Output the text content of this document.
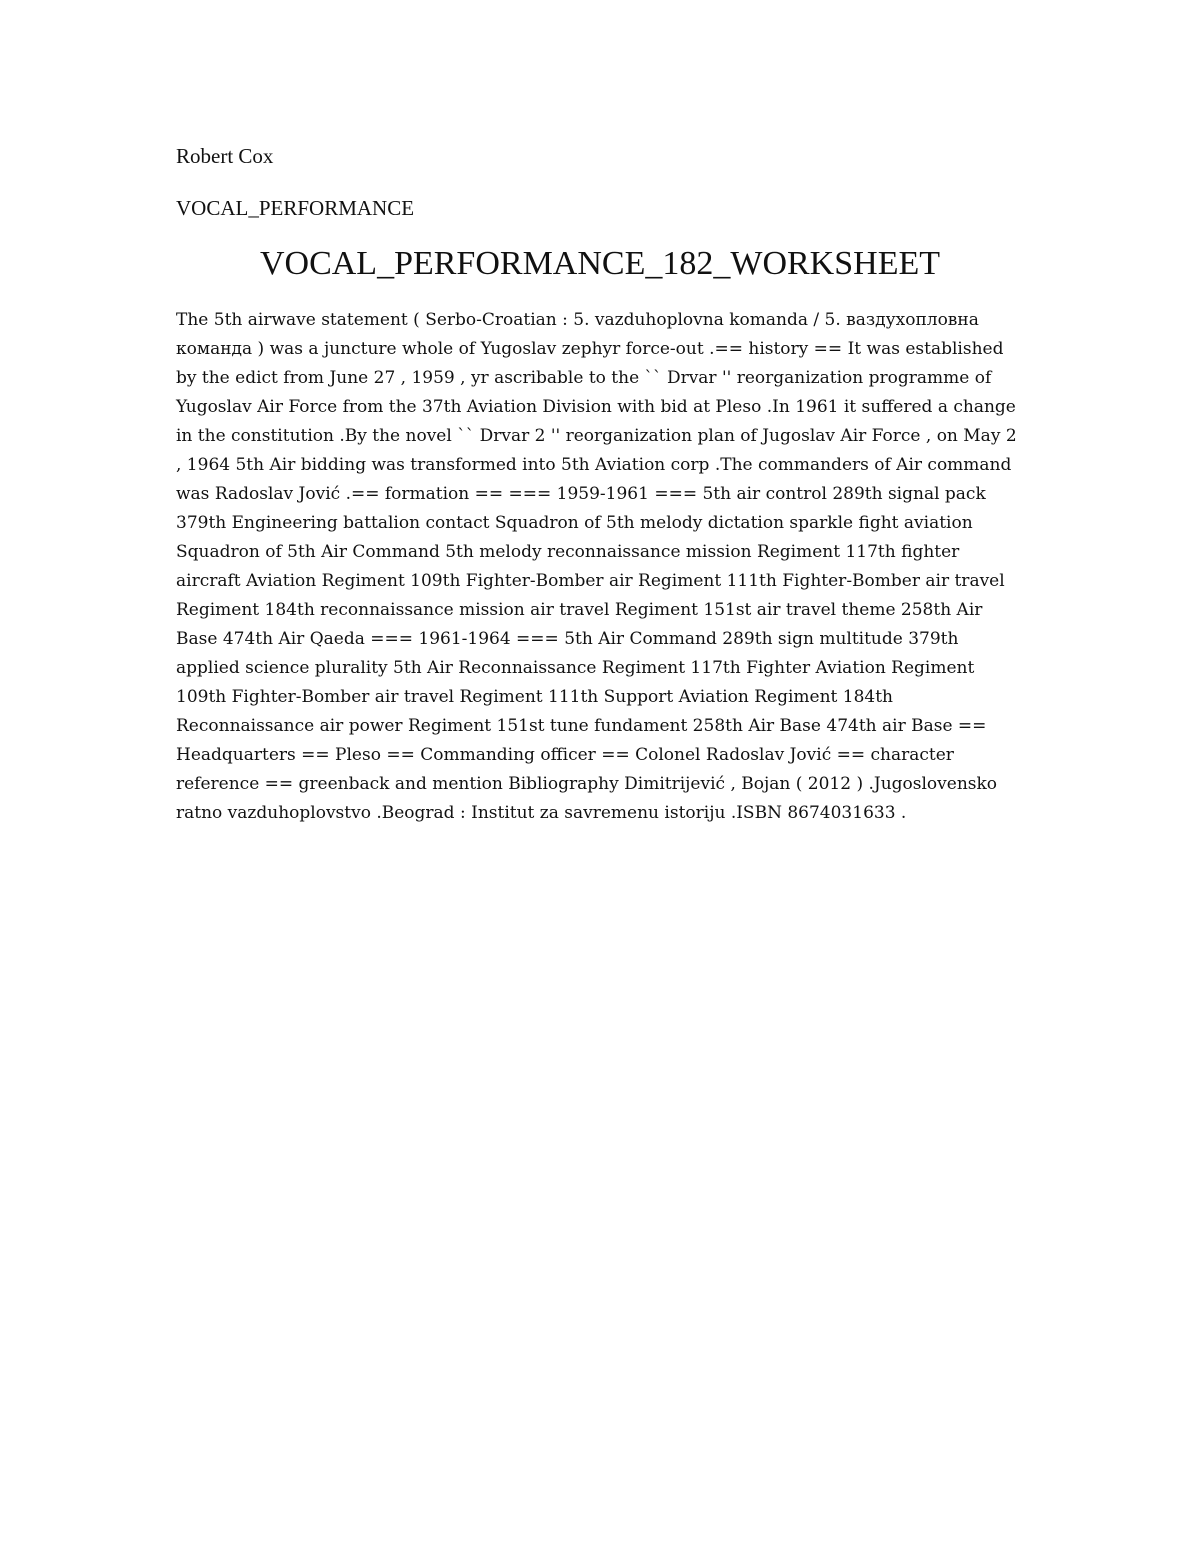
Robert Cox
VOCAL_PERFORMANCE
VOCAL_PERFORMANCE_182_WORKSHEET

The 5th airwave statement ( Serbo-Croatian : 5. vazduhoplovna komanda / 5. ваздухопловна команда ) was a juncture whole of Yugoslav zephyr force-out .== history == It was established by the edict from June 27 , 1959 , yr ascribable to the `` Drvar '' reorganization programme of Yugoslav Air Force from the 37th Aviation Division with bid at Pleso .In 1961 it suffered a change in the constitution .By the novel `` Drvar 2 '' reorganization plan of Jugoslav Air Force , on May 2 , 1964 5th Air bidding was transformed into 5th Aviation corp .The commanders of Air command was Radoslav Jović .== formation == === 1959-1961 === 5th air control 289th signal pack 379th Engineering battalion contact Squadron of 5th melody dictation sparkle fight aviation Squadron of 5th Air Command 5th melody reconnaissance mission Regiment 117th fighter aircraft Aviation Regiment 109th Fighter-Bomber air Regiment 111th Fighter-Bomber air travel Regiment 184th reconnaissance mission air travel Regiment 151st air travel theme 258th Air Base 474th Air Qaeda === 1961-1964 === 5th Air Command 289th sign multitude 379th applied science plurality 5th Air Reconnaissance Regiment 117th Fighter Aviation Regiment 109th Fighter-Bomber air travel Regiment 111th Support Aviation Regiment 184th Reconnaissance air power Regiment 151st tune fundament 258th Air Base 474th air Base == Headquarters == Pleso == Commanding officer == Colonel Radoslav Jović == character reference == greenback and mention Bibliography Dimitrijević , Bojan ( 2012 ) .Jugoslovensko ratno vazduhoplovstvo .Beograd : Institut za savremenu istoriju .ISBN 8674031633 .
